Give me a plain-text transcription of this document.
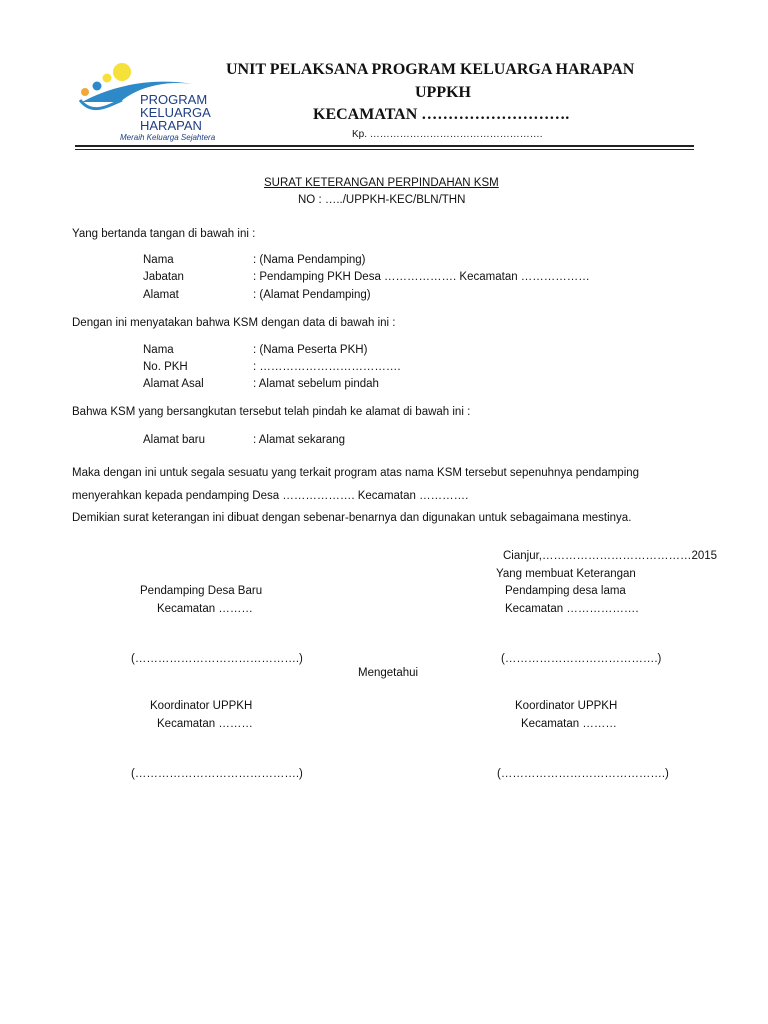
PROGRAM
KELUARGA
HARAPAN
Meraih Keluarga Sejahtera
UNIT PELAKSANA PROGRAM KELUARGA HARAPAN
UPPKH
KECAMATAN ……………………….
Kp. …………………………………………….
SURAT KETERANGAN PERPINDAHAN KSM
NO : …../UPPKH-KEC/BLN/THN
Yang bertanda tangan di bawah ini :
Nama	: (Nama Pendamping)
Jabatan	: Pendamping PKH Desa ………………. Kecamatan ………………
Alamat	: (Alamat Pendamping)
Dengan ini menyatakan bahwa KSM dengan data di bawah ini :
Nama	: (Nama Peserta PKH)
No. PKH	: ……………………………….
Alamat Asal	: Alamat sebelum pindah
Bahwa KSM yang bersangkutan tersebut telah pindah ke alamat di bawah ini :
Alamat baru	: Alamat sekarang
Maka dengan ini untuk segala sesuatu yang terkait program atas nama KSM tersebut sepenuhnya pendamping
menyerahkan kepada pendamping Desa ………………. Kecamatan ………….
Demikian surat keterangan ini dibuat dengan sebenar-benarnya dan digunakan untuk sebagaimana mestinya.
Cianjur,…………………………………2015
Yang membuat Keterangan
Pendamping Desa Baru
Kecamatan ………
(…………………………………….)
Pendamping desa lama
Kecamatan ……………….
(………………………………….)
Mengetahui
Koordinator UPPKH
Kecamatan ………
(…………………………………….)
Koordinator UPPKH
Kecamatan ………
(…………………………………….)
